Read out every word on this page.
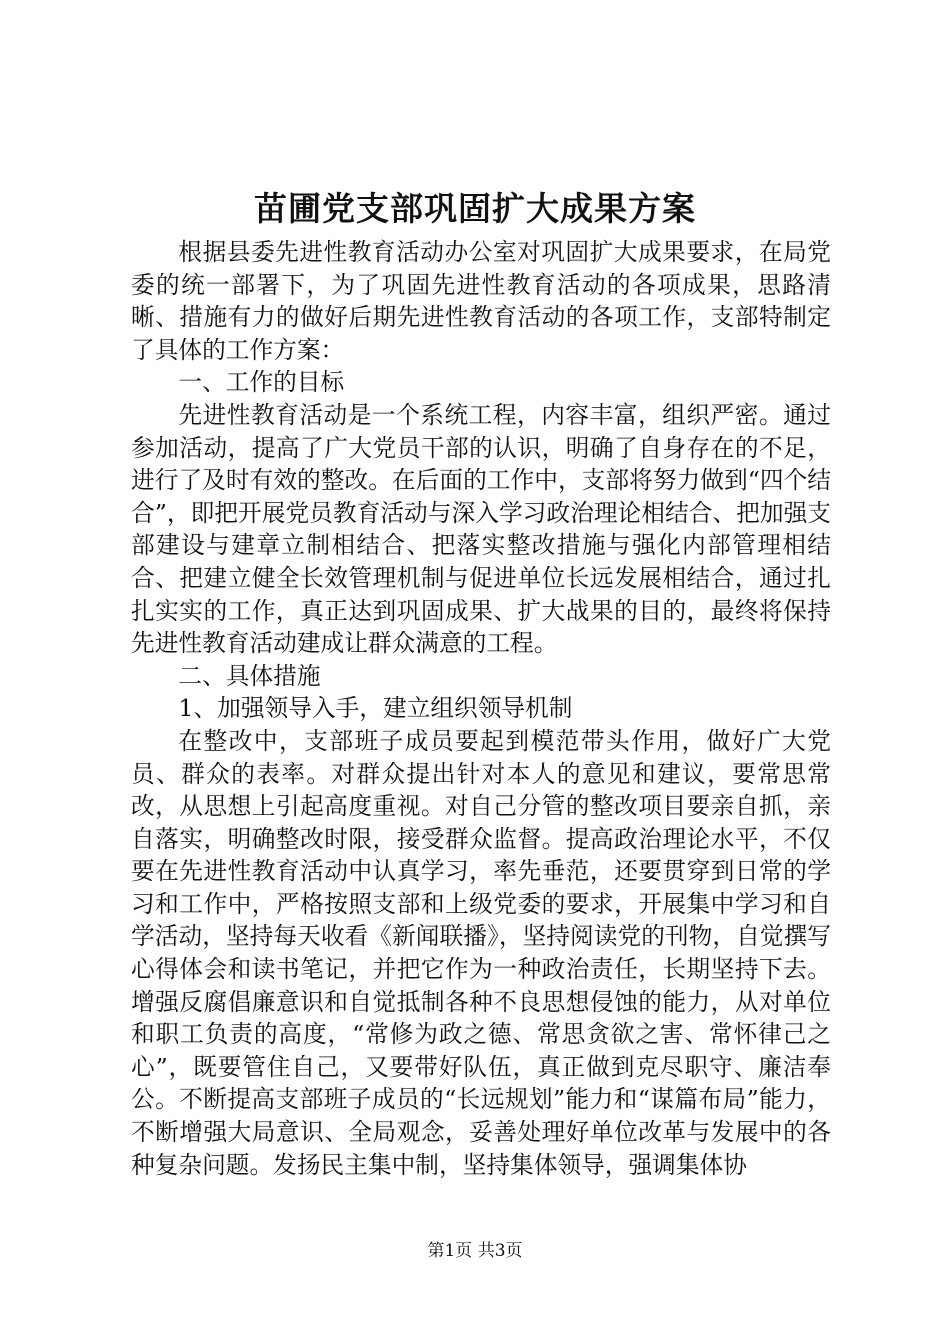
苗圃党支部巩固扩大成果方案

根据县委先进性教育活动办公室对巩固扩大成果要求，在局党委的统一部署下，为了巩固先进性教育活动的各项成果，思路清晰、措施有力的做好后期先进性教育活动的各项工作，支部特制定了具体的工作方案：

一、工作的目标

先进性教育活动是一个系统工程，内容丰富，组织严密。通过参加活动，提高了广大党员干部的认识，明确了自身存在的不足，进行了及时有效的整改。在后面的工作中，支部将努力做到“四个结合”，即把开展党员教育活动与深入学习政治理论相结合、把加强支部建设与建章立制相结合、把落实整改措施与强化内部管理相结合、把建立健全长效管理机制与促进单位长远发展相结合，通过扎扎实实的工作，真正达到巩固成果、扩大战果的目的，最终将保持先进性教育活动建成让群众满意的工程。

二、具体措施

1、加强领导入手，建立组织领导机制

在整改中，支部班子成员要起到模范带头作用，做好广大党员、群众的表率。对群众提出针对本人的意见和建议，要常思常改，从思想上引起高度重视。对自己分管的整改项目要亲自抓，亲自落实，明确整改时限，接受群众监督。提高政治理论水平，不仅要在先进性教育活动中认真学习，率先垂范，还要贯穿到日常的学习和工作中，严格按照支部和上级党委的要求，开展集中学习和自学活动，坚持每天收看《新闻联播》，坚持阅读党的刊物，自觉撰写心得体会和读书笔记，并把它作为一种政治责任，长期坚持下去。增强反腐倡廉意识和自觉抵制各种不良思想侵蚀的能力，从对单位和职工负责的高度，“常修为政之德、常思贪欲之害、常怀律己之心”，既要管住自己，又要带好队伍，真正做到克尽职守、廉洁奉公。不断提高支部班子成员的“长远规划”能力和“谋篇布局”能力，不断增强大局意识、全局观念，妥善处理好单位改革与发展中的各种复杂问题。发扬民主集中制，坚持集体领导，强调集体协

第1页 共3页
